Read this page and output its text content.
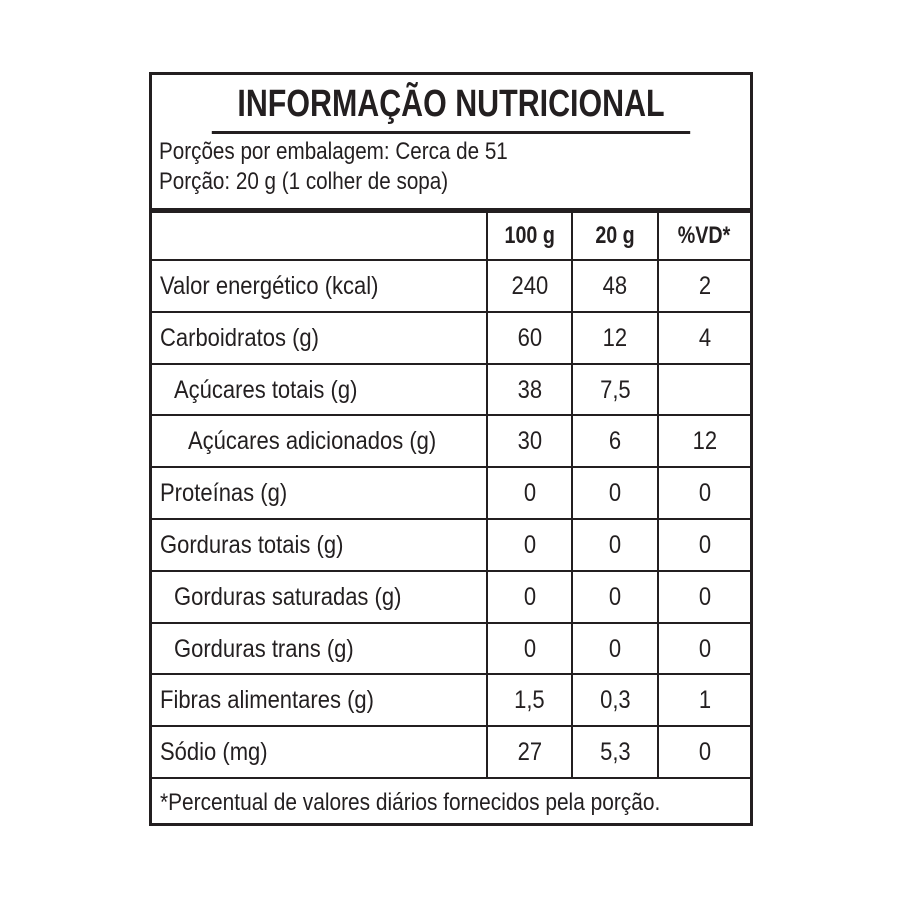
INFORMAÇÃO NUTRICIONAL
Porções por embalagem: Cerca de 51
Porção: 20 g (1 colher de sopa)
100 g	20 g	%VD*
*Percentual de valores diários fornecidos pela porção.
Valor energético (kcal)	240	48	2
Carboidratos (g)	60	12	4
Açúcares totais (g)	38	7,5
Açúcares adicionados (g)	30	6	12
Proteínas (g)	0	0	0
Gorduras totais (g)	0	0	0
Gorduras saturadas (g)	0	0	0
Gorduras trans (g)	0	0	0
Fibras alimentares (g)	1,5	0,3	1
Sódio (mg)	27	5,3	0
